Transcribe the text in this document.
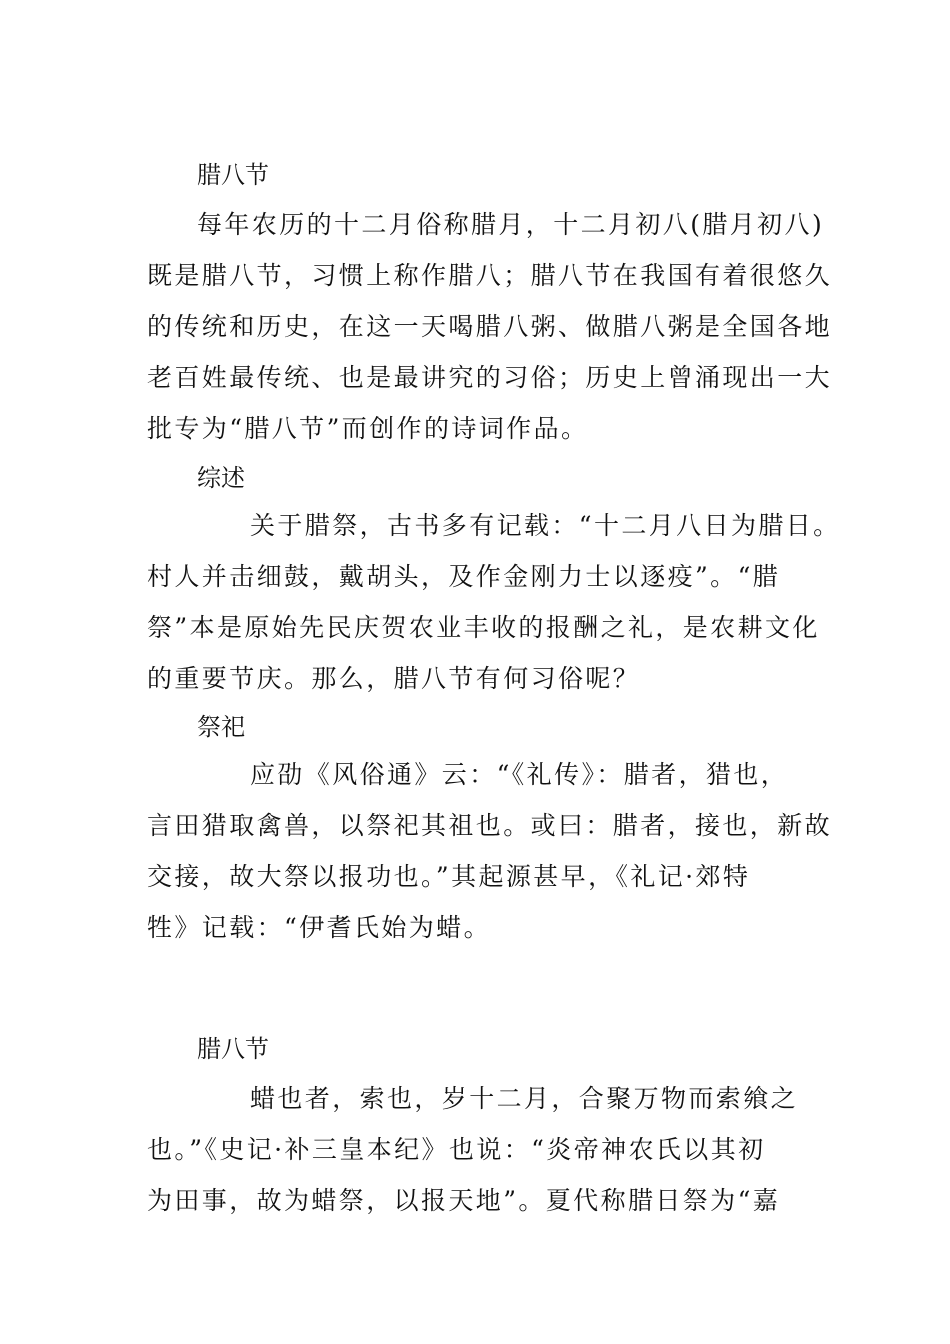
腊八节
每年农历的十二月俗称腊月，十二月初八(腊月初八)
既是腊八节，习惯上称作腊八；腊八节在我国有着很悠久
的传统和历史，在这一天喝腊八粥、做腊八粥是全国各地
老百姓最传统、也是最讲究的习俗；历史上曾涌现出一大
批专为“腊八节”而创作的诗词作品。
综述
关于腊祭，古书多有记载：“十二月八日为腊日。
村人并击细鼓，戴胡头，及作金刚力士以逐疫”。“腊
祭”本是原始先民庆贺农业丰收的报酬之礼，是农耕文化
的重要节庆。那么，腊八节有何习俗呢？
祭祀
应劭《风俗通》云：“《礼传》：腊者，猎也，
言田猎取禽兽，以祭祀其祖也。或曰：腊者，接也，新故
交接，故大祭以报功也。”其起源甚早，《礼记·郊特
牲》记载：“伊耆氏始为蜡。
腊八节
蜡也者，索也，岁十二月，合聚万物而索飨之
也。”《史记·补三皇本纪》也说：“炎帝神农氏以其初
为田事，故为蜡祭，以报天地”。夏代称腊日祭为“嘉
